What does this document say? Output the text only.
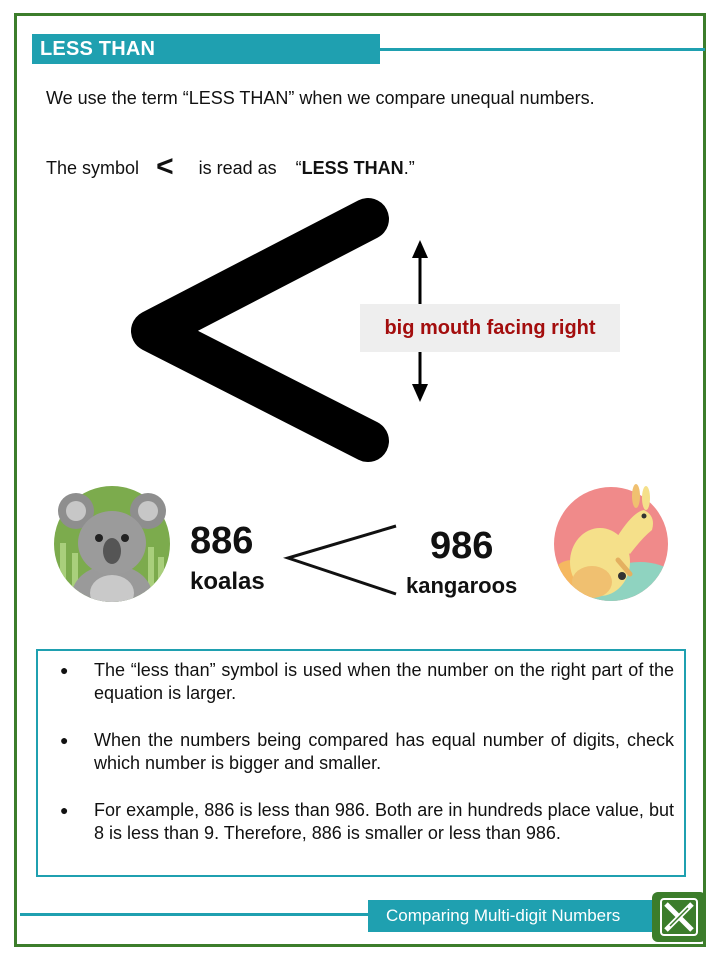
LESS THAN
We use the term “LESS THAN” when we compare unequal numbers.
The symbol < is read as “LESS THAN.”
big mouth facing right
886
koalas
986
kangaroos
● The “less than” symbol is used when the number on the right part of the equation is larger.
● When the numbers being compared has equal number of digits, check which number is bigger and smaller.
● For example, 886 is less than 986. Both are in hundreds place value, but 8 is less than 9. Therefore, 886 is smaller or less than 986.
Comparing Multi-digit Numbers
